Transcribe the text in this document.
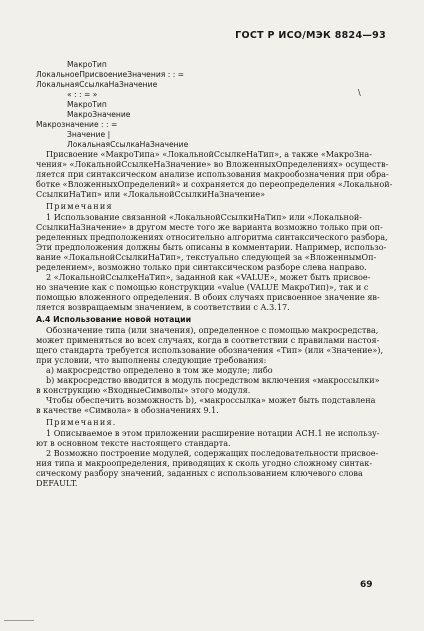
ГОСТ Р ИСО/МЭК 8824—93
МакроТип
ЛокальноеПрисвоениеЗначения : : =
ЛокальнаяСсылкаНаЗначение
« : : = »
МакроТип
МакроЗначение
Макрозначение : : =
Значение |
ЛокальнаяСсылкаНаЗначение
Присвоение «МакроТипа» «ЛокальнойСсылкеНаТип», а также «МакроЗна-
чения» «ЛокальнойСсылкеНаЗначение» во ВложенныхОпределениях» осуществ-
ляется при синтаксическом анализе использования макрообозначения при обра-
ботке «ВложенныхОпределений» и сохраняется до переопределения «Локальной-
СсылкиНаТип» или «ЛокальнойСсылкиНаЗначение»
Примечания
1 Использование связанной «ЛокальнойСсылкиНаТип» или «Локальной-
СсылкиНаЗначение» в другом месте того же варианта возможно только при оп-
ределенных предположениях относительно алгоритма синтаксического разбора,
Эти предположения должны быть описаны в комментарии. Например, использо-
вание «ЛокальнойСсылкиНаТип», текстуально следующей за «ВложеннымОп-
ределением», возможно только при синтаксическом разборе слева направо.
2 «ЛокальнойСсылкеНаТип», заданной как «VALUE», может быть присвое-
но значение как с помощью конструкции «value (VALUE МакроТип)», так и с
помощью вложенного определения. В обоих случаях присвоенное значение яв-
ляется возвращаемым значением, в соответствии с А.3.17.
А.4 Использование новой нотации
Обозначение типа (или значения), определенное с помощью макросредства,
может применяться во всех случаях, когда в соответствии с правилами настоя-
щего стандарта требуется использование обозначения «Тип» (или «Значение»),
при условии, что выполнены следующие требования:
а) макросредство определено в том же модуле; либо
b) макросредство вводится в модуль посредством включения «макроссылки»
в конструкцию «ВходныеСимволы» этого модуля.
Чтобы обеспечить возможность b), «макроссылка» может быть подставлена
в качестве «Символа» в обозначениях 9.1.
Примечания.
1 Описываемое в этом приложении расширение нотации АСН.1 не использу-
ют в основном тексте настоящего стандарта.
2 Возможно построение модулей, содержащих последовательности присвое-
ния типа и макроопределения, приводящих к сколь угодно сложному синтак-
сическому разбору значений, заданных с использованием ключевого слова
DEFAULT.
\
69
